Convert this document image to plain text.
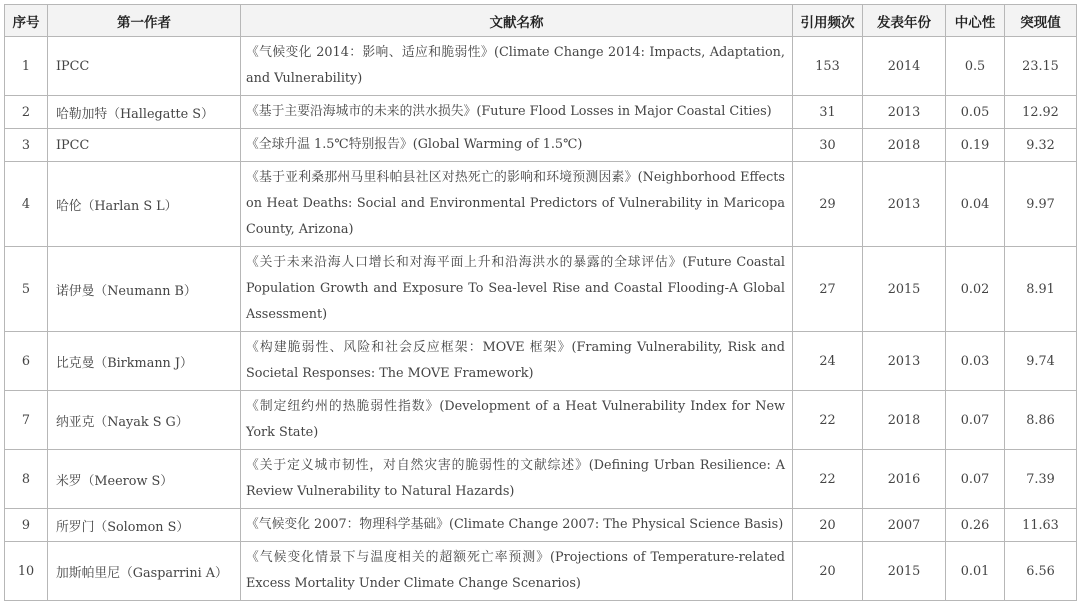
序号	第一作者	文献名称	引用频次	发表年份	中心性	突现值
1	IPCC	《气候变化 2014：影响、适应和脆弱性》(Climate Change 2014: Impacts, Adaptation, and Vulnerability)	153	2014	0.5	23.15
2	哈勒加特（Hallegatte S）	《基于主要沿海城市的未来的洪水损失》(Future Flood Losses in Major Coastal Cities)	31	2013	0.05	12.92
3	IPCC	《全球升温 1.5℃特别报告》(Global Warming of 1.5℃)	30	2018	0.19	9.32
4	哈伦（Harlan S L）	《基于亚利桑那州马里科帕县社区对热死亡的影响和环境预测因素》(Neighborhood Effects on Heat Deaths: Social and Environmental Predictors of Vulnerability in Maricopa County, Arizona)	29	2013	0.04	9.97
5	诺伊曼（Neumann B）	《关于未来沿海人口增长和对海平面上升和沿海洪水的暴露的全球评估》(Future Coastal Population Growth and Exposure To Sea-level Rise and Coastal Flooding-A Global Assessment)	27	2015	0.02	8.91
6	比克曼（Birkmann J）	《构建脆弱性、风险和社会反应框架：MOVE 框架》(Framing Vulnerability, Risk and Societal Responses: The MOVE Framework)	24	2013	0.03	9.74
7	纳亚克（Nayak S G）	《制定纽约州的热脆弱性指数》(Development of a Heat Vulnerability Index for New York State)	22	2018	0.07	8.86
8	米罗（Meerow S）	《关于定义城市韧性，对自然灾害的脆弱性的文献综述》(Defining Urban Resilience: A Review Vulnerability to Natural Hazards)	22	2016	0.07	7.39
9	所罗门（Solomon S）	《气候变化 2007：物理科学基础》(Climate Change 2007: The Physical Science Basis)	20	2007	0.26	11.63
10	加斯帕里尼（Gasparrini A）	《气候变化情景下与温度相关的超额死亡率预测》(Projections of Temperature-related Excess Mortality Under Climate Change Scenarios)	20	2015	0.01	6.56
